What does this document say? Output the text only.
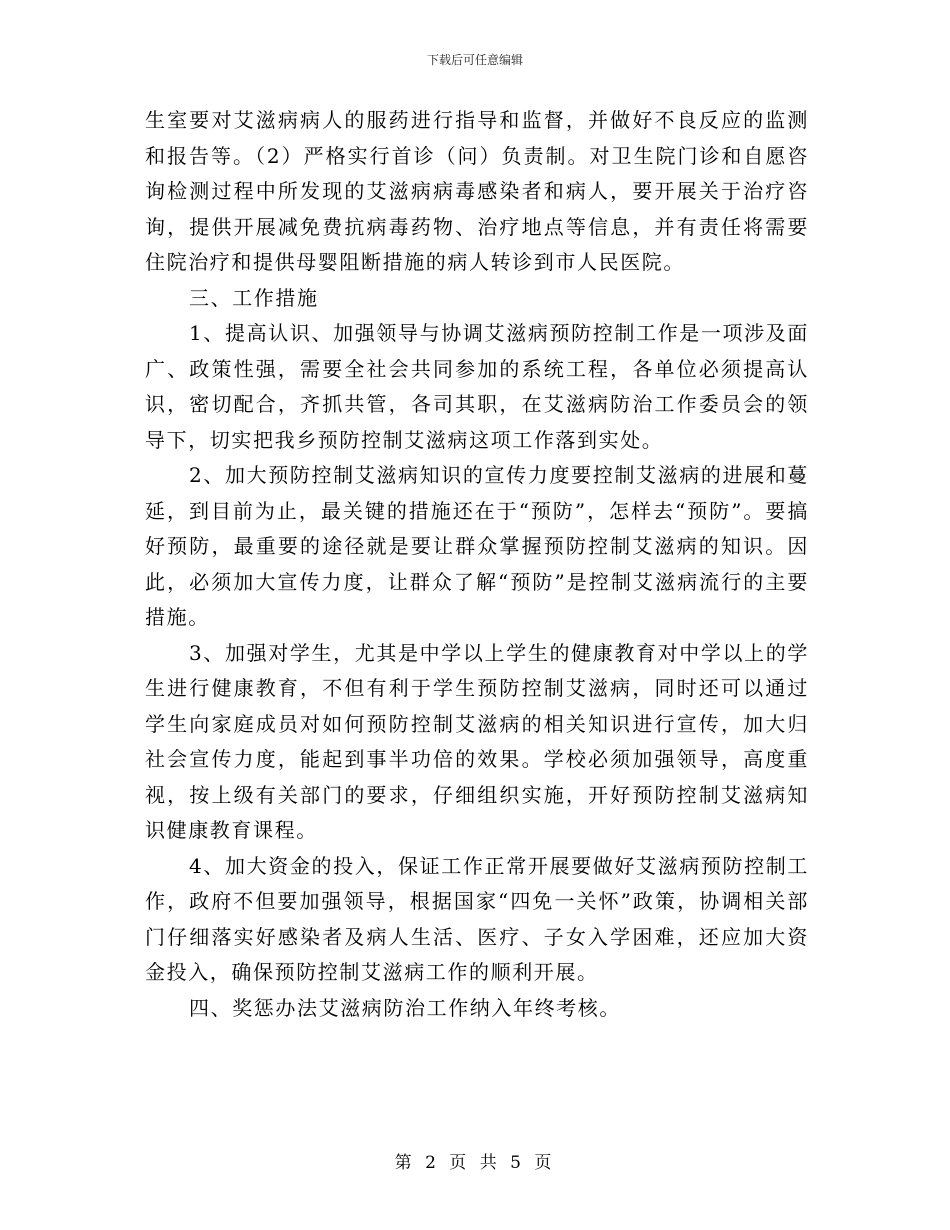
下载后可任意编辑

生室要对艾滋病病人的服药进行指导和监督，并做好不良反应的监测和报告等。（2）严格实行首诊（问）负责制。对卫生院门诊和自愿咨询检测过程中所发现的艾滋病病毒感染者和病人，要开展关于治疗咨询，提供开展减免费抗病毒药物、治疗地点等信息，并有责任将需要住院治疗和提供母婴阻断措施的病人转诊到市人民医院。

三、工作措施

1、提高认识、加强领导与协调艾滋病预防控制工作是一项涉及面广、政策性强，需要全社会共同参加的系统工程，各单位必须提高认识，密切配合，齐抓共管，各司其职，在艾滋病防治工作委员会的领导下，切实把我乡预防控制艾滋病这项工作落到实处。

2、加大预防控制艾滋病知识的宣传力度要控制艾滋病的进展和蔓延，到目前为止，最关键的措施还在于“预防”，怎样去“预防”。要搞好预防，最重要的途径就是要让群众掌握预防控制艾滋病的知识。因此，必须加大宣传力度，让群众了解“预防”是控制艾滋病流行的主要措施。

3、加强对学生，尤其是中学以上学生的健康教育对中学以上的学生进行健康教育，不但有利于学生预防控制艾滋病，同时还可以通过学生向家庭成员对如何预防控制艾滋病的相关知识进行宣传，加大归社会宣传力度，能起到事半功倍的效果。学校必须加强领导，高度重视，按上级有关部门的要求，仔细组织实施，开好预防控制艾滋病知识健康教育课程。

4、加大资金的投入，保证工作正常开展要做好艾滋病预防控制工作，政府不但要加强领导，根据国家“四免一关怀”政策，协调相关部门仔细落实好感染者及病人生活、医疗、子女入学困难，还应加大资金投入，确保预防控制艾滋病工作的顺利开展。

四、奖惩办法艾滋病防治工作纳入年终考核。

第 2 页 共 5 页
